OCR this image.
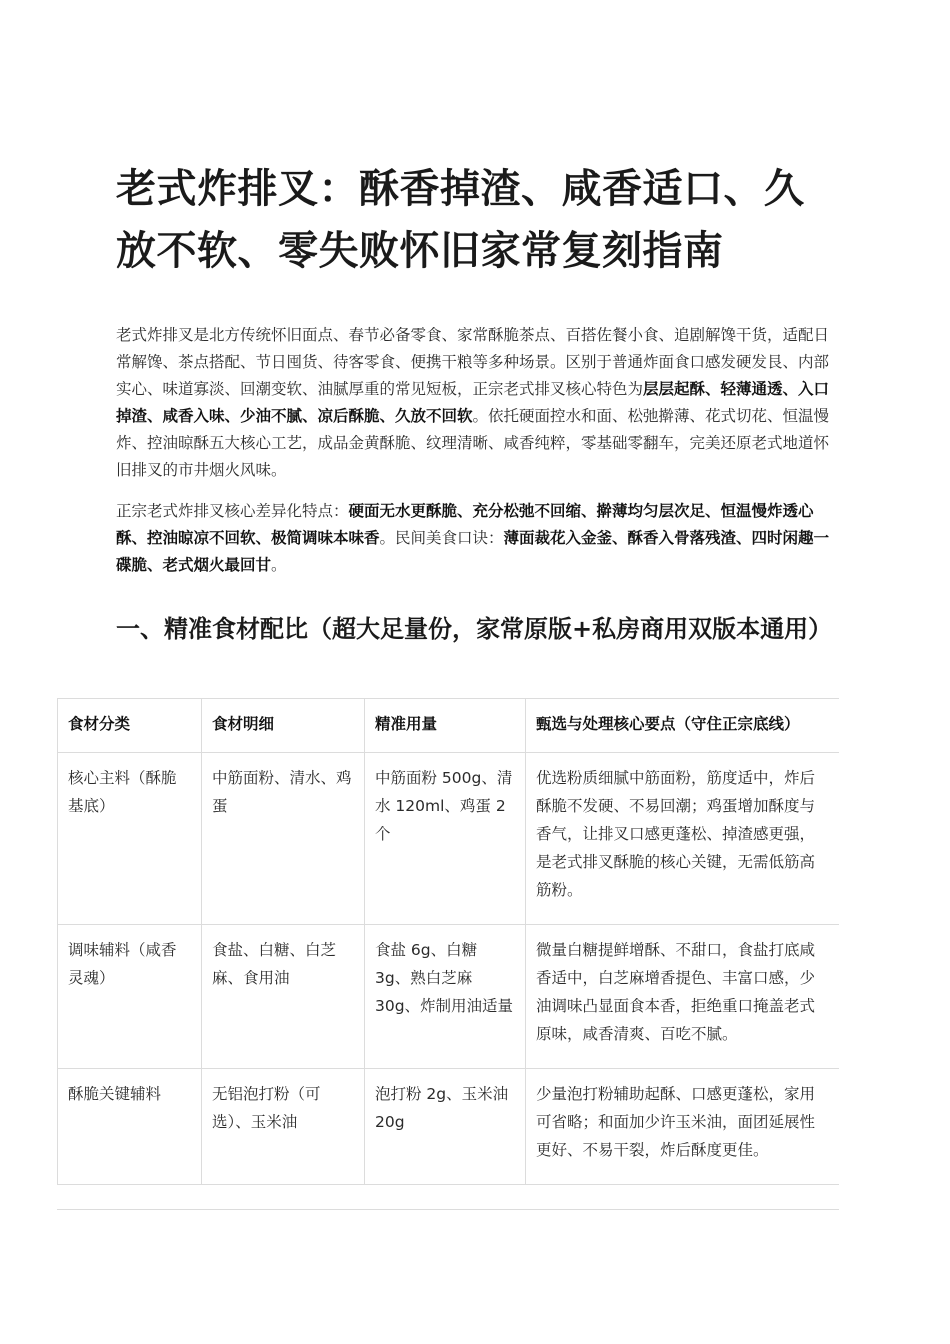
老式炸排叉：酥香掉渣、咸香适口、久放不软、零失败怀旧家常复刻指南

老式炸排叉是北方传统怀旧面点、春节必备零食、家常酥脆茶点、百搭佐餐小食、追剧解馋干货，适配日常解馋、茶点搭配、节日囤货、待客零食、便携干粮等多种场景。区别于普通炸面食口感发硬发艮、内部实心、味道寡淡、回潮变软、油腻厚重的常见短板，正宗老式排叉核心特色为层层起酥、轻薄通透、入口掉渣、咸香入味、少油不腻、凉后酥脆、久放不回软。依托硬面控水和面、松弛擀薄、花式切花、恒温慢炸、控油晾酥五大核心工艺，成品金黄酥脆、纹理清晰、咸香纯粹，零基础零翻车，完美还原老式地道怀旧排叉的市井烟火风味。

正宗老式炸排叉核心差异化特点：硬面无水更酥脆、充分松弛不回缩、擀薄均匀层次足、恒温慢炸透心酥、控油晾凉不回软、极简调味本味香。民间美食口诀：薄面裁花入金釜、酥香入骨落残渣、四时闲趣一碟脆、老式烟火最回甘。

一、精准食材配比（超大足量份，家常原版+私房商用双版本通用）
食材分类	食材明细	精准用量	甄选与处理核心要点（守住正宗底线）
核心主料（酥脆基底）	中筋面粉、清水、鸡蛋	中筋面粉 500g、清水 120ml、鸡蛋 2 个	优选粉质细腻中筋面粉，筋度适中，炸后酥脆不发硬、不易回潮；鸡蛋增加酥度与香气，让排叉口感更蓬松、掉渣感更强，是老式排叉酥脆的核心关键，无需低筋高筋粉。
调味辅料（咸香灵魂）	食盐、白糖、白芝麻、食用油	食盐 6g、白糖 3g、熟白芝麻 30g、炸制用油适量	微量白糖提鲜增酥、不甜口，食盐打底咸香适中，白芝麻增香提色、丰富口感，少油调味凸显面食本香，拒绝重口掩盖老式原味，咸香清爽、百吃不腻。
酥脆关键辅料	无铝泡打粉（可选）、玉米油	泡打粉 2g、玉米油 20g	少量泡打粉辅助起酥、口感更蓬松，家用可省略；和面加少许玉米油，面团延展性更好、不易干裂，炸后酥度更佳。
